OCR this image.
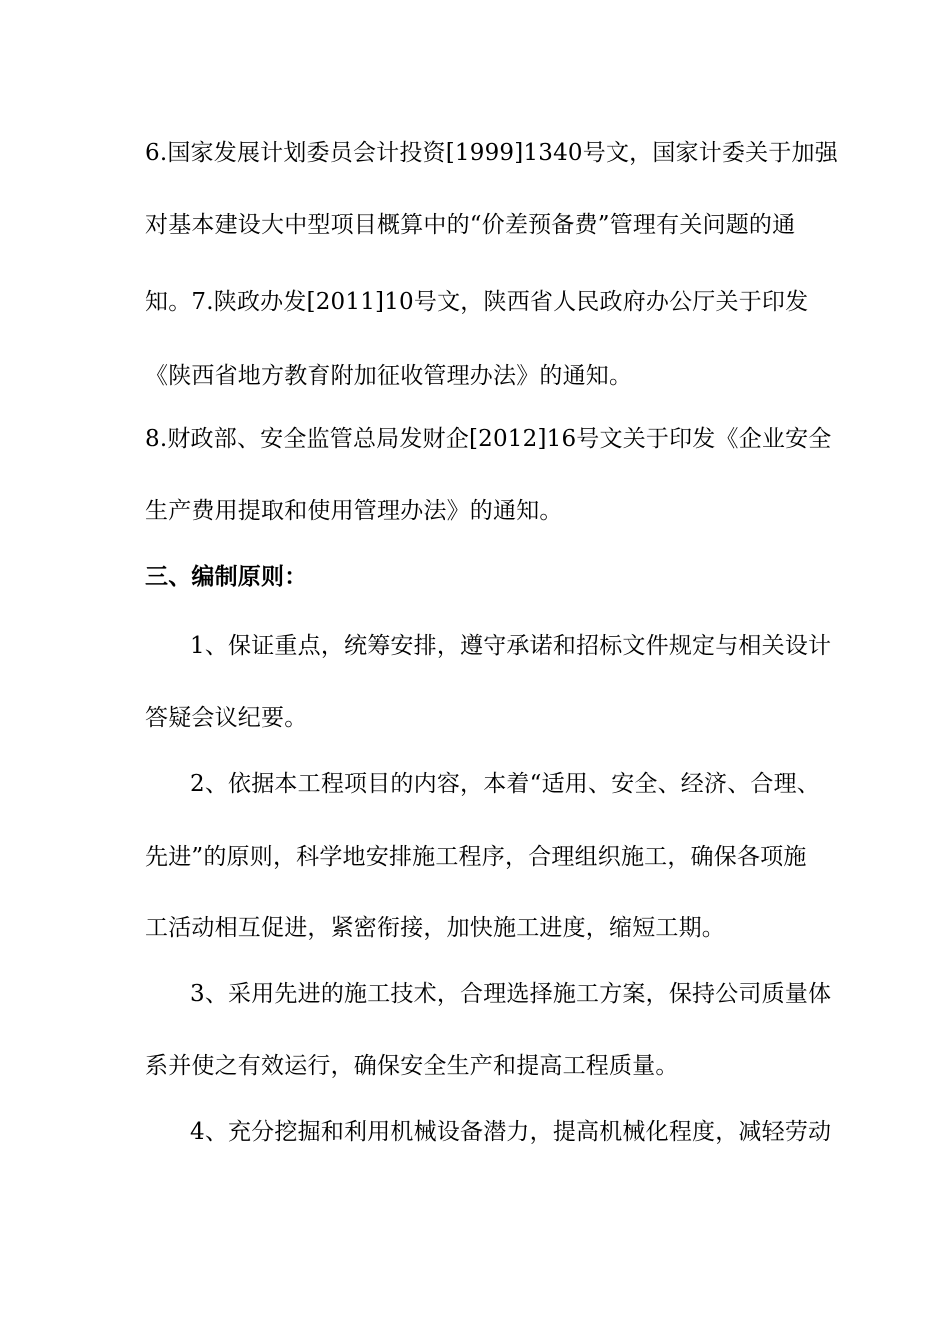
6.国家发展计划委员会计投资[1999]1340号文，国家计委关于加强
对基本建设大中型项目概算中的“价差预备费”管理有关问题的通
知。7.陕政办发[2011]10号文，陕西省人民政府办公厅关于印发
《陕西省地方教育附加征收管理办法》的通知。
8.财政部、安全监管总局发财企[2012]16号文关于印发《企业安全
生产费用提取和使用管理办法》的通知。
三、编制原则：
1、保证重点，统筹安排，遵守承诺和招标文件规定与相关设计
答疑会议纪要。
2、依据本工程项目的内容，本着“适用、安全、经济、合理、
先进”的原则，科学地安排施工程序，合理组织施工，确保各项施
工活动相互促进，紧密衔接，加快施工进度，缩短工期。
3、采用先进的施工技术，合理选择施工方案，保持公司质量体
系并使之有效运行，确保安全生产和提高工程质量。
4、充分挖掘和利用机械设备潜力，提高机械化程度，减轻劳动
